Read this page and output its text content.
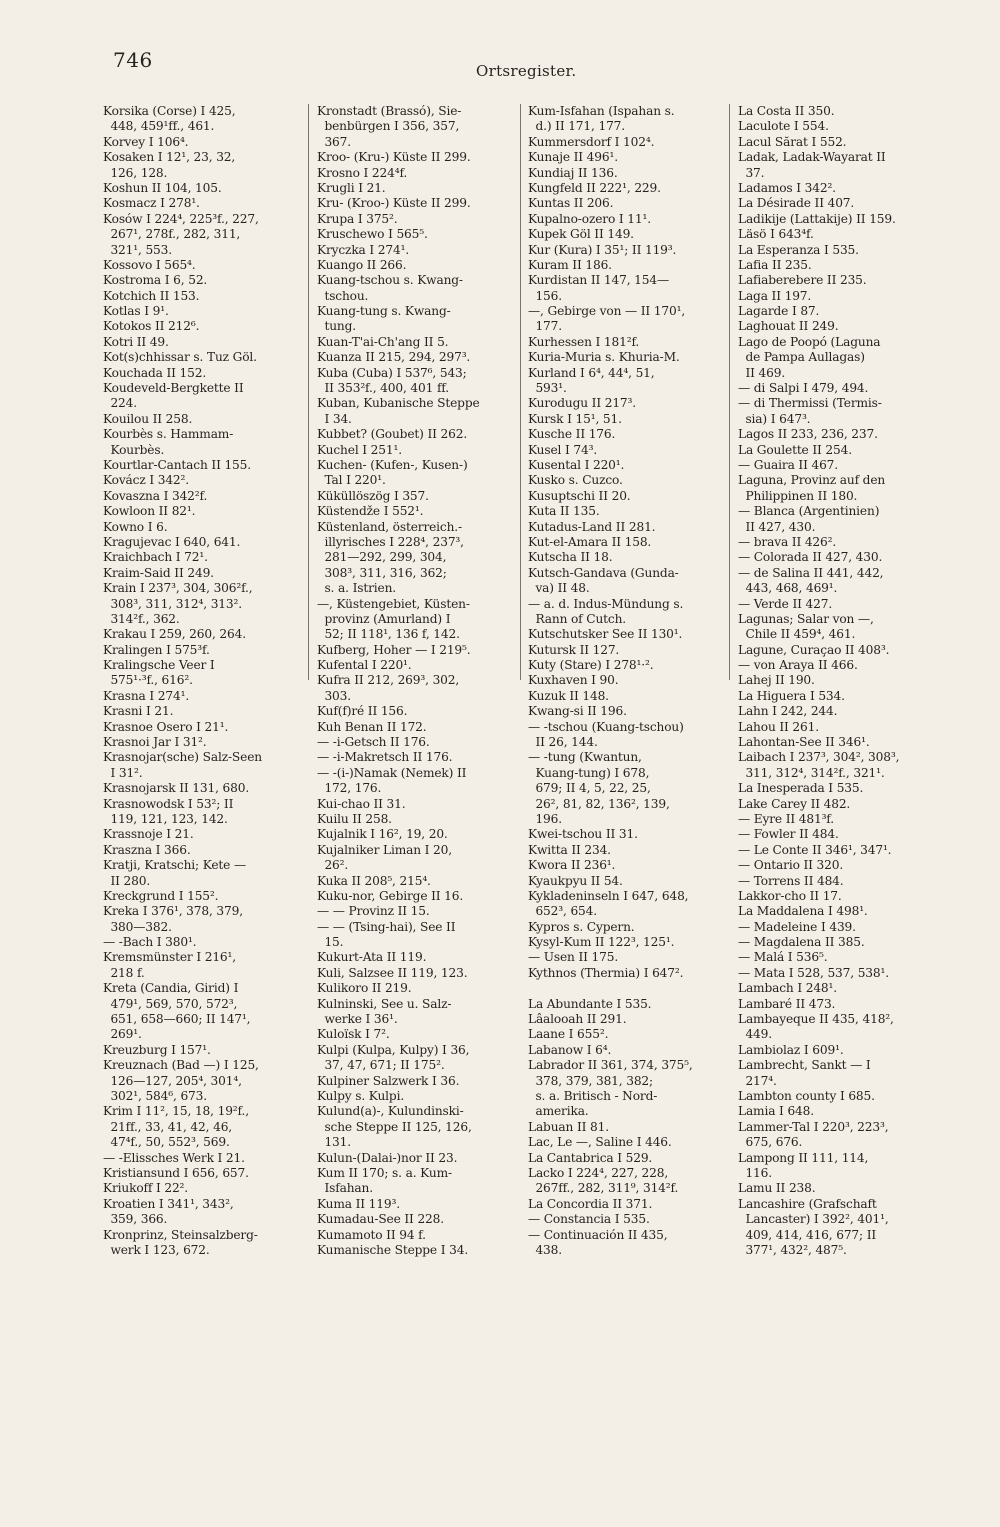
746	Ortsregister.
Korsika (Corse) I 425,
448, 459¹ff., 461.
Korvey I 106⁴.
Kosaken I 12¹, 23, 32,
126, 128.
Koshun II 104, 105.
Kosmacz I 278¹.
Kosów I 224⁴, 225³f., 227,
267¹, 278f., 282, 311,
321¹, 553.
Kossovo I 565⁴.
Kostroma I 6, 52.
Kotchich II 153.
Kotlas I 9¹.
Kotokos II 212⁶.
Kotri II 49.
Kot(s)chhissar s. Tuz Göl.
Kouchada II 152.
Koudeveld-Bergkette II
224.
Kouilou II 258.
Kourbès s. Hammam-
Kourbès.
Kourtlar-Cantach II 155.
Kovácz I 342².
Kovaszna I 342²f.
Kowloon II 82¹.
Kowno I 6.
Kragujevac I 640, 641.
Kraichbach I 72¹.
Kraim-Said II 249.
Krain I 237³, 304, 306²f.,
308³, 311, 312⁴, 313².
314²f., 362.
Krakau I 259, 260, 264.
Kralingen I 575³f.
Kralingsche Veer I
575¹·³f., 616².
Krasna I 274¹.
Krasni I 21.
Krasnoe Osero I 21¹.
Krasnoi Jar I 31².
Krasnojar(sche) Salz-Seen
I 31².
Krasnojarsk II 131, 680.
Krasnowodsk I 53²; II
119, 121, 123, 142.
Krassnoje I 21.
Kraszna I 366.
Kratji, Kratschi; Kete —
II 280.
Kreckgrund I 155².
Kreka I 376¹, 378, 379,
380—382.
— -Bach I 380¹.
Kremsmünster I 216¹,
218 f.
Kreta (Candia, Girid) I
479¹, 569, 570, 572³,
651, 658—660; II 147¹,
269¹.
Kreuzburg I 157¹.
Kreuznach (Bad —) I 125,
126—127, 205⁴, 301⁴,
302¹, 584⁶, 673.
Krim I 11², 15, 18, 19²f.,
21ff., 33, 41, 42, 46,
47⁴f., 50, 552³, 569.
— -Elissches Werk I 21.
Kristiansund I 656, 657.
Kriukoff I 22².
Kroatien I 341¹, 343²,
359, 366.
Kronprinz, Steinsalzberg-
werk I 123, 672.
Kronstadt (Brassó), Sie-
benbürgen I 356, 357,
367.
Kroo- (Kru-) Küste II 299.
Krosno I 224⁴f.
Krugli I 21.
Kru- (Kroo-) Küste II 299.
Krupa I 375².
Kruschewo I 565⁵.
Kryczka I 274¹.
Kuango II 266.
Kuang-tschou s. Kwang-
tschou.
Kuang-tung s. Kwang-
tung.
Kuan-T'ai-Ch'ang II 5.
Kuanza II 215, 294, 297³.
Kuba (Cuba) I 537⁶, 543;
II 353²f., 400, 401 ff.
Kuban, Kubanische Steppe
I 34.
Kubbet? (Goubet) II 262.
Kuchel I 251¹.
Kuchen- (Kufen-, Kusen-)
Tal I 220¹.
Küküllöszög I 357.
Küstendže I 552¹.
Küstenland, österreich.-
illyrisches I 228⁴, 237³,
281—292, 299, 304,
308³, 311, 316, 362;
s. a. Istrien.
—, Küstengebiet, Küsten-
provinz (Amurland) I
52; II 118¹, 136 f, 142.
Kufberg, Hoher — I 219⁵.
Kufental I 220¹.
Kufra II 212, 269³, 302,
303.
Kuf(f)ré II 156.
Kuh Benan II 172.
— -i-Getsch II 176.
— -i-Makretsch II 176.
— -(i-)Namak (Nemek) II
172, 176.
Kui-chao II 31.
Kuilu II 258.
Kujalnik I 16², 19, 20.
Kujalniker Liman I 20,
26².
Kuka II 208⁵, 215⁴.
Kuku-nor, Gebirge II 16.
— — Provinz II 15.
— — (Tsing-hai), See II
15.
Kukurt-Ata II 119.
Kuli, Salzsee II 119, 123.
Kulikoro II 219.
Kulninski, See u. Salz-
werke I 36¹.
Kuloïsk I 7².
Kulpi (Kulpa, Kulpy) I 36,
37, 47, 671; II 175².
Kulpiner Salzwerk I 36.
Kulpy s. Kulpi.
Kulund(a)-, Kulundinski-
sche Steppe II 125, 126,
131.
Kulun-(Dalai-)nor II 23.
Kum II 170; s. a. Kum-
Isfahan.
Kuma II 119³.
Kumadau-See II 228.
Kumamoto II 94 f.
Kumanische Steppe I 34.
Kum-Isfahan (Ispahan s.
d.) II 171, 177.
Kummersdorf I 102⁴.
Kunaje II 496¹.
Kundiaj II 136.
Kungfeld II 222¹, 229.
Kuntas II 206.
Kupalno-ozero I 11¹.
Kupek Göl II 149.
Kur (Kura) I 35¹; II 119³.
Kuram II 186.
Kurdistan II 147, 154—
156.
—, Gebirge von — II 170¹,
177.
Kurhessen I 181²f.
Kuria-Muria s. Khuria-M.
Kurland I 6⁴, 44⁴, 51,
593¹.
Kurodugu II 217³.
Kursk I 15¹, 51.
Kusche II 176.
Kusel I 74³.
Kusental I 220¹.
Kusko s. Cuzco.
Kusuptschi II 20.
Kuta II 135.
Kutadus-Land II 281.
Kut-el-Amara II 158.
Kutscha II 18.
Kutsch-Gandava (Gunda-
va) II 48.
— a. d. Indus-Mündung s.
Rann of Cutch.
Kutschutsker See II 130¹.
Kutursk II 127.
Kuty (Stare) I 278¹·².
Kuxhaven I 90.
Kuzuk II 148.
Kwang-si II 196.
— -tschou (Kuang-tschou)
II 26, 144.
— -tung (Kwantun,
Kuang-tung) I 678,
679; II 4, 5, 22, 25,
26², 81, 82, 136², 139,
196.
Kwei-tschou II 31.
Kwitta II 234.
Kwora II 236¹.
Kyaukpyu II 54.
Kykladeninseln I 647, 648,
652³, 654.
Kypros s. Cypern.
Kysyl-Kum II 122³, 125¹.
— Usen II 175.
Kythnos (Thermia) I 647².
La Abundante I 535.
Lâalooah II 291.
Laane I 655².
Labanow I 6⁴.
Labrador II 361, 374, 375⁵,
378, 379, 381, 382;
s. a. Britisch - Nord-
amerika.
Labuan II 81.
Lac, Le —, Saline I 446.
La Cantabrica I 529.
Lacko I 224⁴, 227, 228,
267ff., 282, 311⁹, 314²f.
La Concordia II 371.
— Constancia I 535.
— Continuación II 435,
438.
La Costa II 350.
Laculote I 554.
Lacul Sărat I 552.
Ladak, Ladak-Wayarat II
37.
Ladamos I 342².
La Désirade II 407.
Ladikije (Lattakije) II 159.
Läsö I 643⁴f.
La Esperanza I 535.
Lafia II 235.
Lafiaberebere II 235.
Laga II 197.
Lagarde I 87.
Laghouat II 249.
Lago de Poopó (Laguna
de Pampa Aullagas)
II 469.
— di Salpi I 479, 494.
— di Thermissi (Termis-
sia) I 647³.
Lagos II 233, 236, 237.
La Goulette II 254.
— Guaira II 467.
Laguna, Provinz auf den
Philippinen II 180.
— Blanca (Argentinien)
II 427, 430.
— brava II 426².
— Colorada II 427, 430.
— de Salina II 441, 442,
443, 468, 469¹.
— Verde II 427.
Lagunas; Salar von —,
Chile II 459⁴, 461.
Lagune, Curaçao II 408³.
— von Araya II 466.
Lahej II 190.
La Higuera I 534.
Lahn I 242, 244.
Lahou II 261.
Lahontan-See II 346¹.
Laibach I 237³, 304², 308³,
311, 312⁴, 314²f., 321¹.
La Inesperada I 535.
Lake Carey II 482.
— Eyre II 481³f.
— Fowler II 484.
— Le Conte II 346¹, 347¹.
— Ontario II 320.
— Torrens II 484.
Lakkor-cho II 17.
La Maddalena I 498¹.
— Madeleine I 439.
— Magdalena II 385.
— Malá I 536⁵.
— Mata I 528, 537, 538¹.
Lambach I 248¹.
Lambaré II 473.
Lambayeque II 435, 418²,
449.
Lambiolaz I 609¹.
Lambrecht, Sankt — I
217⁴.
Lambton county I 685.
Lamia I 648.
Lammer-Tal I 220³, 223³,
675, 676.
Lampong II 111, 114,
116.
Lamu II 238.
Lancashire (Grafschaft
Lancaster) I 392², 401¹,
409, 414, 416, 677; II
377¹, 432², 487⁵.
